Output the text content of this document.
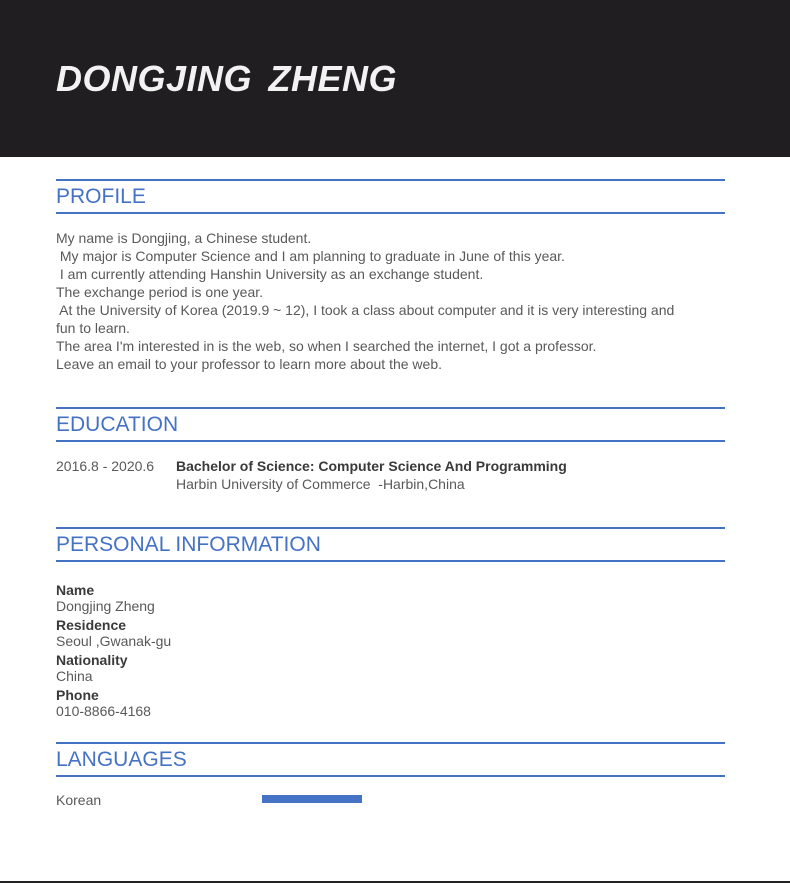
DONGJING ZHENG
PROFILE
My name is Dongjing, a Chinese student.
My major is Computer Science and I am planning to graduate in June of this year.
I am currently attending Hanshin University as an exchange student.
The exchange period is one year.
At the University of Korea (2019.9 ~ 12), I took a class about computer and it is very interesting and
fun to learn.
The area I'm interested in is the web, so when I searched the internet, I got a professor.
Leave an email to your professor to learn more about the web.
EDUCATION
2016.8 - 2020.6 Bachelor of Science: Computer Science And Programming
Harbin University of Commerce  -Harbin,China
PERSONAL INFORMATION
Name
Dongjing Zheng
Residence
Seoul ,Gwanak-gu
Nationality
China
Phone
010-8866-4168
LANGUAGES
Korean
